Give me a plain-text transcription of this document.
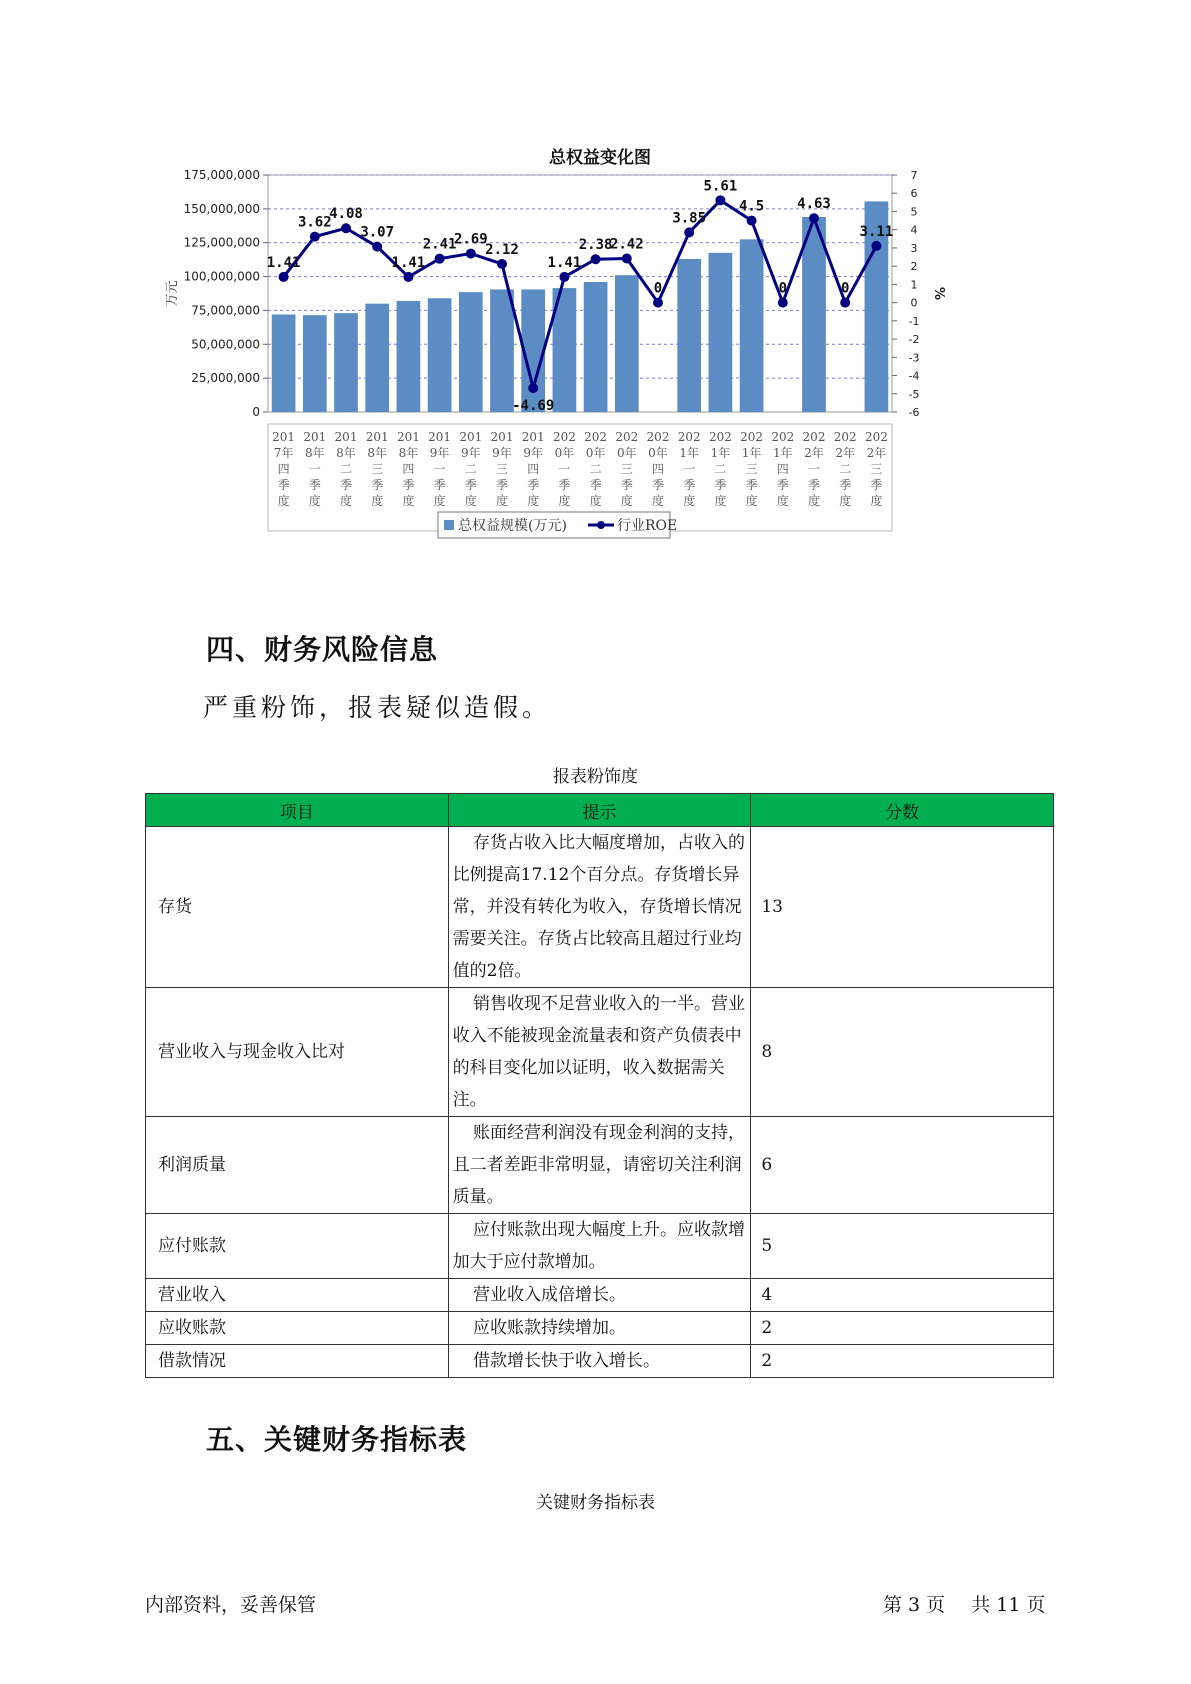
175,000,000
150,000,000
125,000,000
100,000,000
75,000,000
50,000,000
25,000,000
0
7
6
5
4
3
2
1
0
-1
-2
-3
-4
-5
-6
万元	%
201
7年
四
季
度
201
8年
一
季
度
201
8年
二
季
度
201
8年
三
季
度
201
8年
四
季
度
201
9年
一
季
度
201
9年
二
季
度
201
9年
三
季
度
201
9年
四
季
度
202
0年
一
季
度
202
0年
二
季
度
202
0年
三
季
度
202
0年
四
季
度
202
1年
一
季
度
202
1年
二
季
度
202
1年
三
季
度
202
1年
四
季
度
202
2年
一
季
度
202
2年
二
季
度
202
2年
三
季
度
1.41
3.62
4.08
3.07
1.41
2.41
2.69
2.12
-4.69
1.41
2.38
2.42
0
3.85
5.61
4.5
0
4.63
0
3.11
总权益规模(万元)	行业ROE
总权益变化图
四、财务风险信息
严重粉饰，报表疑似造假。
报表粉饰度
项目	提示	分数
存货	存货占收入比大幅度增加，占收入的比例提高17.12个百分点。存货增长异常，并没有转化为收入，存货增长情况需要关注。存货占比较高且超过行业均值的2倍。	13
营业收入与现金收入比对	销售收现不足营业收入的一半。营业收入不能被现金流量表和资产负债表中的科目变化加以证明，收入数据需关注。	8
利润质量	账面经营利润没有现金利润的支持，且二者差距非常明显，请密切关注利润质量。	6
应付账款	应付账款出现大幅度上升。应收款增加大于应付款增加。	5
营业收入	营业收入成倍增长。	4
应收账款	应收账款持续增加。	2
借款情况	借款增长快于收入增长。	2
五、关键财务指标表
关键财务指标表
内部资料，妥善保管	第 3 页 共 11 页
